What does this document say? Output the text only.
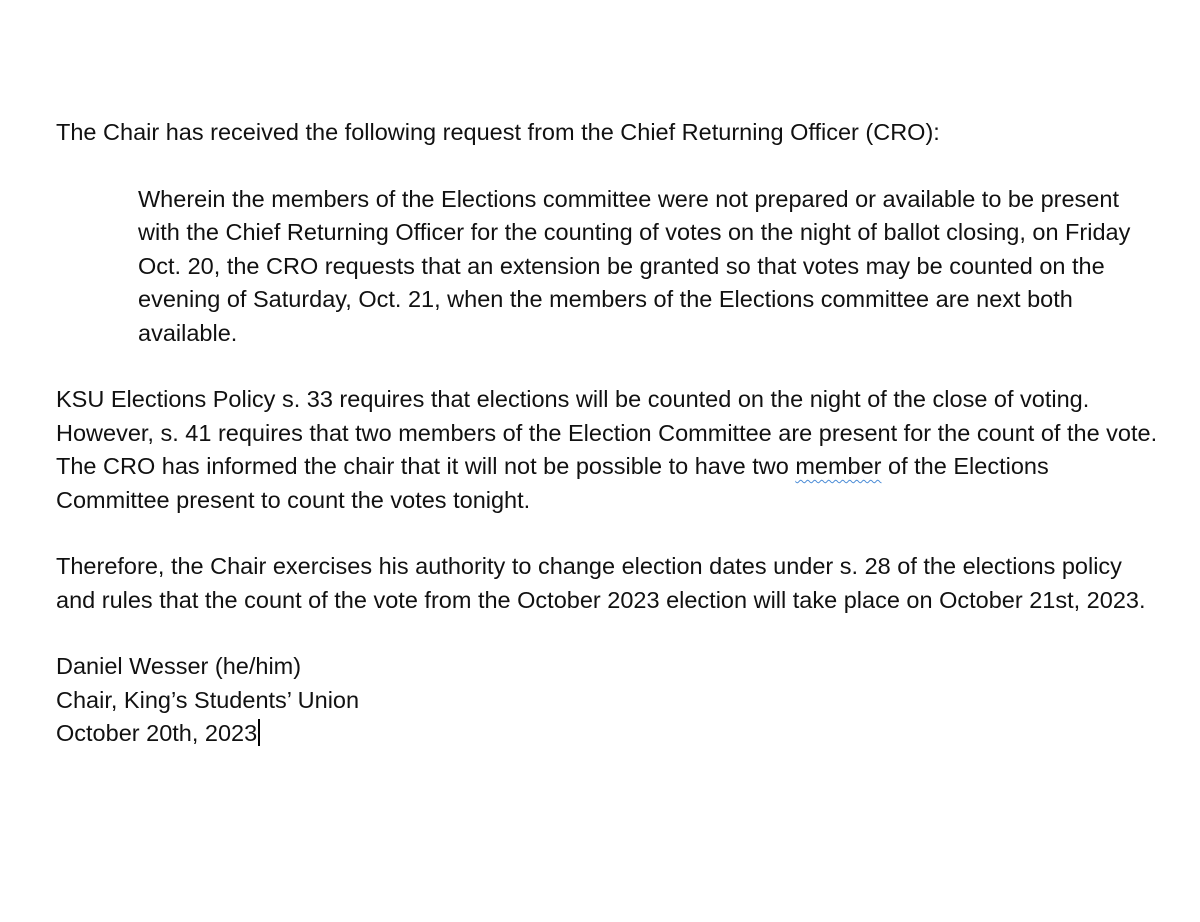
The Chair has received the following request from the Chief Returning Officer (CRO):

Wherein the members of the Elections committee were not prepared or available to be present with the Chief Returning Officer for the counting of votes on the night of ballot closing, on Friday Oct. 20, the CRO requests that an extension be granted so that votes may be counted on the evening of Saturday, Oct. 21, when the members of the Elections committee are next both available.

KSU Elections Policy s. 33 requires that elections will be counted on the night of the close of voting. However, s. 41 requires that two members of the Election Committee are present for the count of the vote. The CRO has informed the chair that it will not be possible to have two member of the Elections Committee present to count the votes tonight.

Therefore, the Chair exercises his authority to change election dates under s. 28 of the elections policy and rules that the count of the vote from the October 2023 election will take place on October 21st, 2023.

Daniel Wesser (he/him)
Chair, King’s Students’ Union
October 20th, 2023
